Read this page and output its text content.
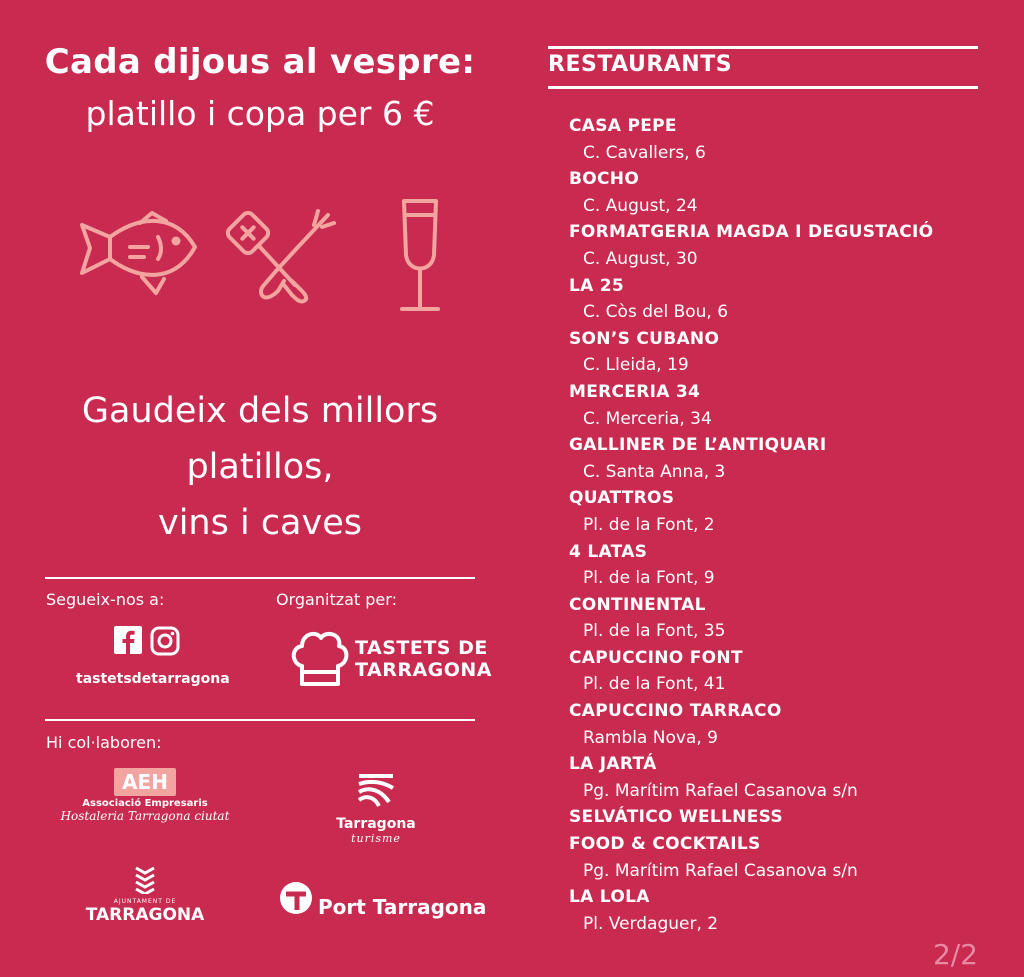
Cada dijous al vespre:
platillo i copa per 6 €
Gaudeix dels millors
platillos,
vins i caves
Segueix-nos a:	Organitzat per:
tastetsdetarragona
TASTETS DE
TARRAGONA
Hi col·laboren:
AEH
Associació Empresaris
Hostaleria Tarragona ciutat	Tarragona
turisme
AJUNTAMENT DE
TARRAGONA	Port Tarragona
RESTAURANTS
CASA PEPE
C. Cavallers, 6
BOCHO
C. August, 24
FORMATGERIA MAGDA I DEGUSTACIÓ
C. August, 30
LA 25
C. Còs del Bou, 6
SON’S CUBANO
C. Lleida, 19
MERCERIA 34
C. Merceria, 34
GALLINER DE L’ANTIQUARI
C. Santa Anna, 3
QUATTROS
Pl. de la Font, 2
4 LATAS
Pl. de la Font, 9
CONTINENTAL
Pl. de la Font, 35
CAPUCCINO FONT
Pl. de la Font, 41
CAPUCCINO TARRACO
Rambla Nova, 9
LA JARTÁ
Pg. Marítim Rafael Casanova s/n
SELVÁTICO WELLNESS
FOOD & COCKTAILS
Pg. Marítim Rafael Casanova s/n
LA LOLA
Pl. Verdaguer, 2
2/2
